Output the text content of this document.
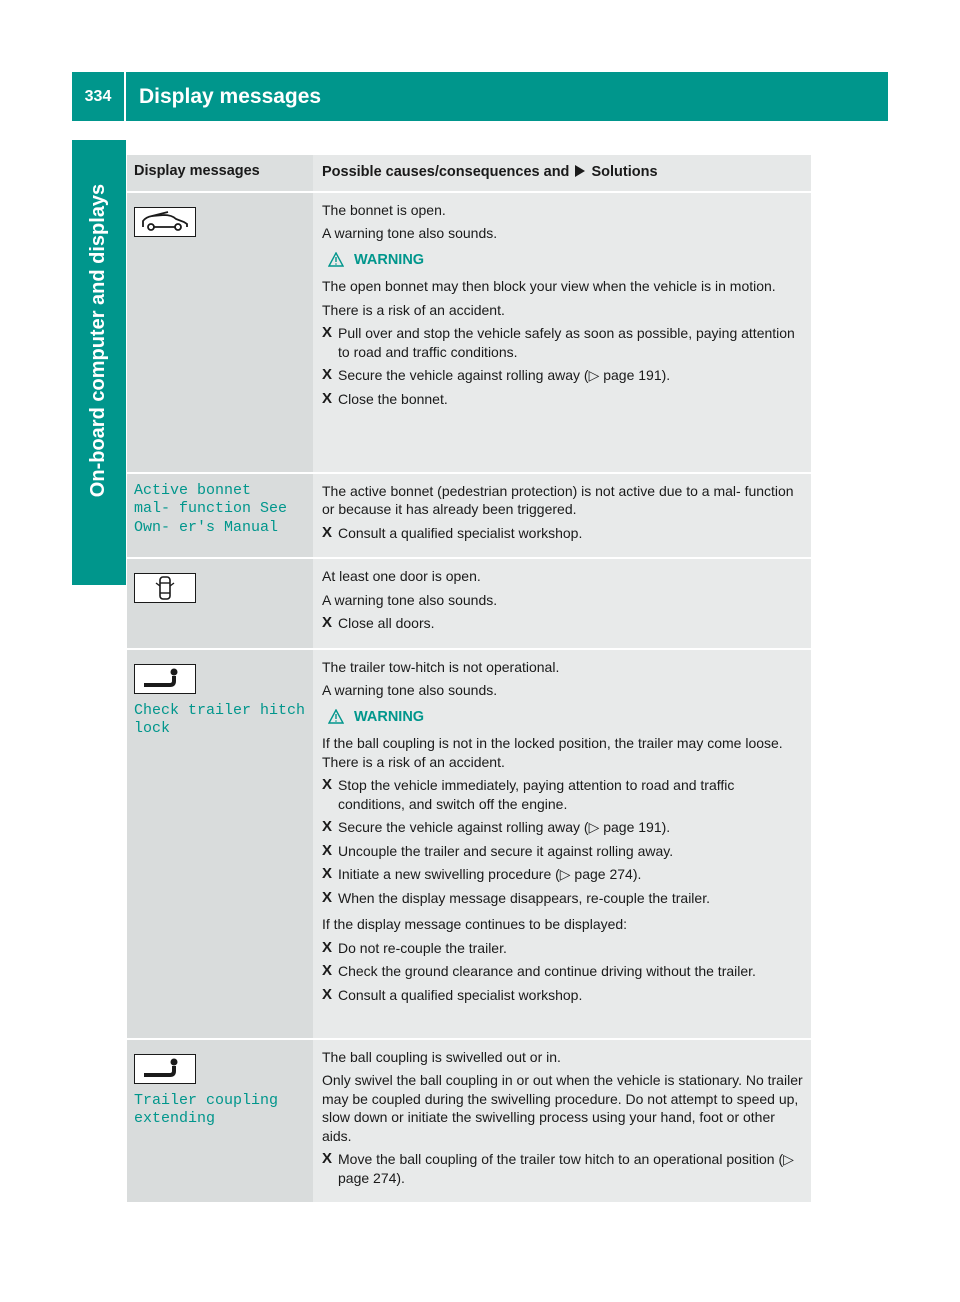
334	Display messages
On-board computer and displays
Display messages	Possible causes/consequences and Solutions
The bonnet is open.
A warning tone also sounds.
WARNING
The open bonnet may then block your view when the vehicle is in motion.
There is a risk of an accident.
X Pull over and stop the vehicle safely as soon as possible, paying attention to road and traffic conditions.
X Secure the vehicle against rolling away (▷ page 191).
X Close the bonnet.
Active bonnet mal- function See Own- er's Manual
The active bonnet (pedestrian protection) is not active due to a mal- function or because it has already been triggered.
X Consult a qualified specialist workshop.
At least one door is open.
A warning tone also sounds.
X Close all doors.
Check trailer hitch lock
The trailer tow-hitch is not operational.
A warning tone also sounds.
WARNING
If the ball coupling is not in the locked position, the trailer may come loose. There is a risk of an accident.
X Stop the vehicle immediately, paying attention to road and traffic conditions, and switch off the engine.
X Secure the vehicle against rolling away (▷ page 191).
X Uncouple the trailer and secure it against rolling away.
X Initiate a new swivelling procedure (▷ page 274).
X When the display message disappears, re-couple the trailer.
If the display message continues to be displayed:
X Do not re-couple the trailer.
X Check the ground clearance and continue driving without the trailer.
X Consult a qualified specialist workshop.
Trailer coupling extending
The ball coupling is swivelled out or in.
Only swivel the ball coupling in or out when the vehicle is stationary. No trailer may be coupled during the swivelling procedure. Do not attempt to speed up, slow down or initiate the swivelling process using your hand, foot or other aids.
X Move the ball coupling of the trailer tow hitch to an operational position (▷ page 274).
